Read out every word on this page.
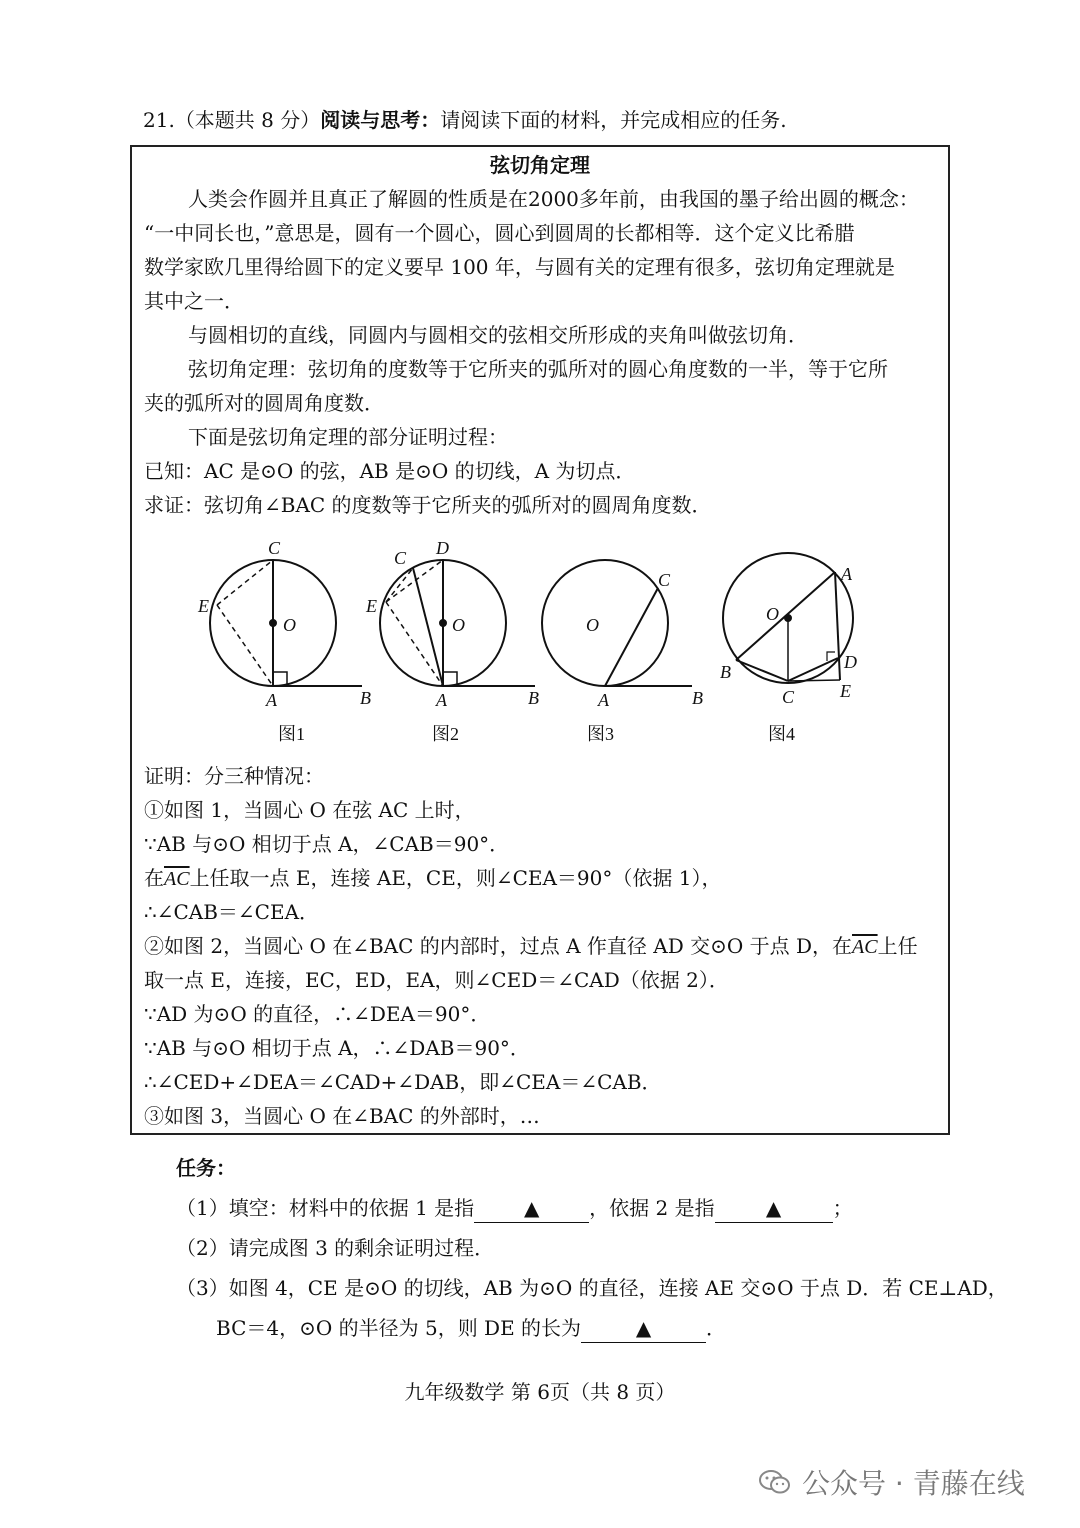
21.（本题共 8 分）阅读与思考：请阅读下面的材料，并完成相应的任务.
弦切角定理
人类会作圆并且真正了解圆的性质是在2000多年前，由我国的墨子给出圆的概念：
“一中同长也，”意思是，圆有一个圆心，圆心到圆周的长都相等．这个定义比希腊
数学家欧几里得给圆下的定义要早 100 年，与圆有关的定理有很多，弦切角定理就是
其中之一．
与圆相切的直线，同圆内与圆相交的弦相交所形成的夹角叫做弦切角．
弦切角定理：弦切角的度数等于它所夹的弧所对的圆心角度数的一半，等于它所
夹的弧所对的圆周角度数．
下面是弦切角定理的部分证明过程：
已知：AC 是⊙O 的弦，AB 是⊙O 的切线，A 为切点．
求证：弦切角∠BAC 的度数等于它所夹的弧所对的圆周角度数．
证明：分三种情况：
①如图 1，当圆心 O 在弦 AC 上时，
∵AB 与⊙O 相切于点 A，∠CAB＝90°．
在$\overline{AC}$上任取一点 E，连接 AE，CE，则∠CEA＝90°（依据 1），
∴∠CAB＝∠CEA．
②如图 2，当圆心 O 在∠BAC 的内部时，过点 A 作直径 AD 交⊙O 于点 D，在$\overline{AC}$上任
取一点 E，连接，EC，ED，EA，则∠CED＝∠CAD（依据 2）．
∵AD 为⊙O 的直径，∴∠DEA＝90°．
∵AB 与⊙O 相切于点 A，∴∠DAB＝90°．
∴∠CED+∠DEA＝∠CAD+∠DAB，即∠CEA＝∠CAB．
③如图 3，当圆心 O 在∠BAC 的外部时，…
C
E
O
A	B
图1
C D
E
O
A	B
图2
O
C
A	B
图3
O
A
B
C
D
E
图4
任务：
（1）填空：材料中的依据 1 是指 ▲ ，依据 2 是指	▲	；
（2）请完成图 3 的剩余证明过程．
（3）如图 4，CE 是⊙O 的切线，AB 为⊙O 的直径，连接 AE 交⊙O 于点 D．若 CE⊥AD，
BC＝4，⊙O 的半径为 5，则 DE 的长为	▲	．
九年级数学 第 6页（共 8 页）
公众号 · 青藤在线
